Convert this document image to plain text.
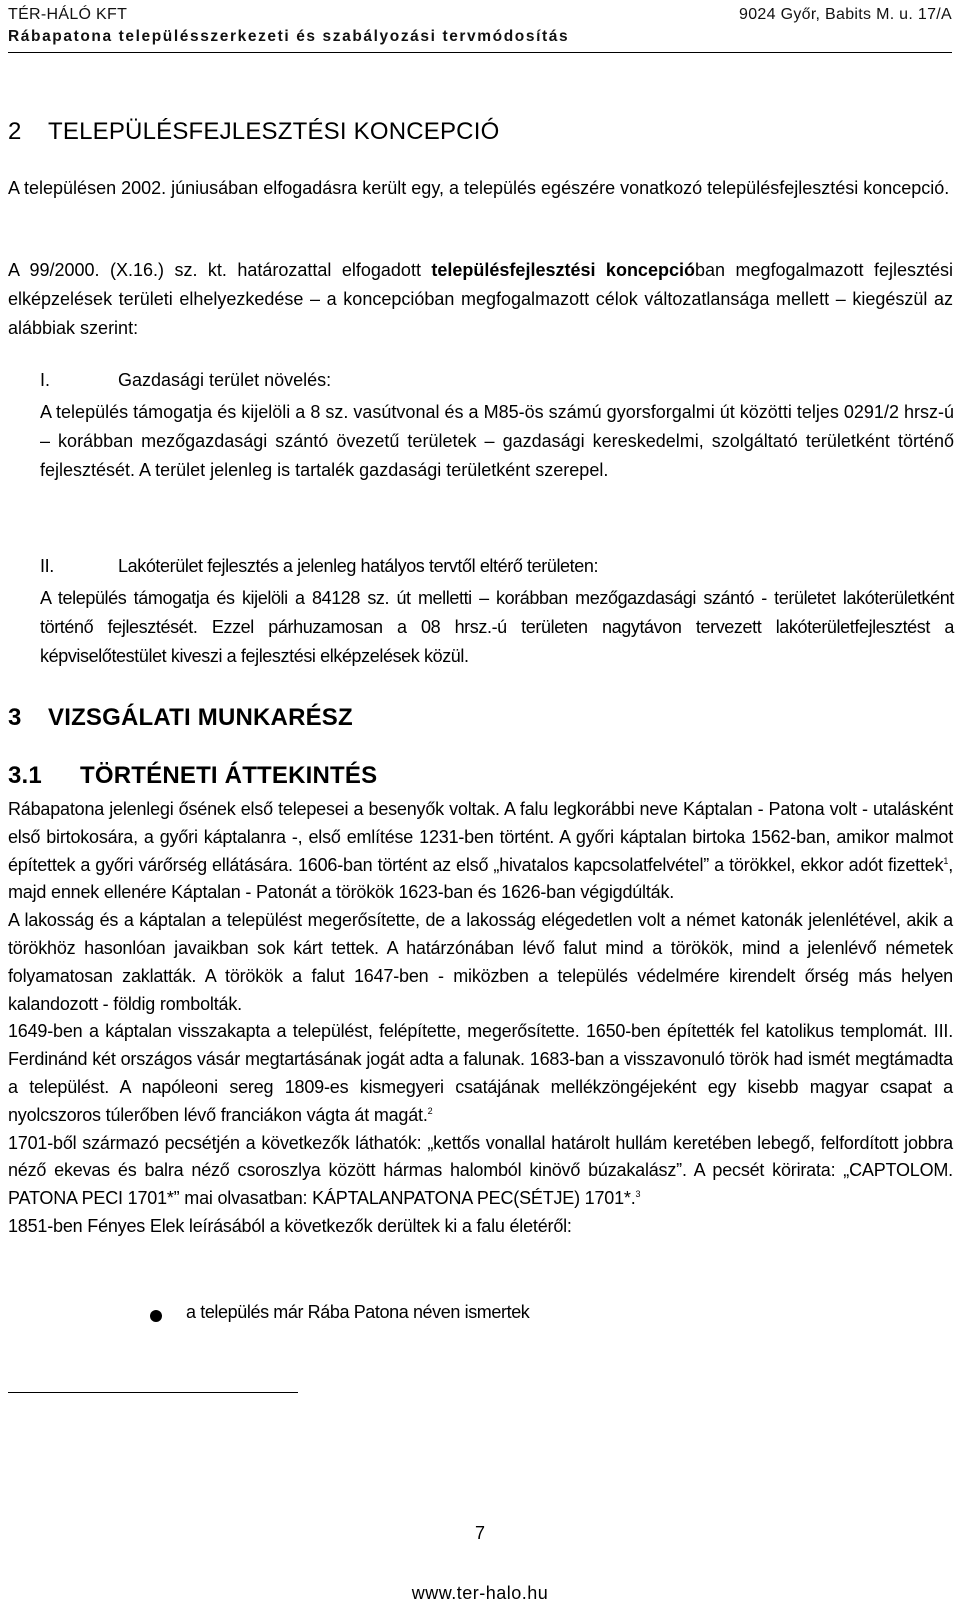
TÉR-HÁLÓ KFT	9024 Győr, Babits M. u. 17/A
Rábapatona településszerkezeti és szabályozási tervmódosítás
2 TELEPÜLÉSFEJLESZTÉSI KONCEPCIÓ
A településen 2002. júniusában elfogadásra került egy, a település egészére vonatkozó településfejlesztési koncepció.
A 99/2000. (X.16.) sz. kt. határozattal elfogadott településfejlesztési koncepcióban megfogalmazott fejlesztési elképzelések területi elhelyezkedése – a koncepcióban megfogalmazott célok változatlansága mellett – kiegészül az alábbiak szerint:
I.	Gazdasági terület növelés:
A település támogatja és kijelöli a 8 sz. vasútvonal és a M85-ös számú gyorsforgalmi út közötti teljes 0291/2 hrsz-ú – korábban mezőgazdasági szántó övezetű területek – gazdasági kereskedelmi, szolgáltató területként történő fejlesztését. A terület jelenleg is tartalék gazdasági területként szerepel.
II.	Lakóterület fejlesztés a jelenleg hatályos tervtől eltérő területen:
A település támogatja és kijelöli a 84128 sz. út melletti – korábban mezőgazdasági szántó - területet lakóterületként történő fejlesztését. Ezzel párhuzamosan a 08 hrsz.-ú területen nagytávon tervezett lakóterületfejlesztést a képviselőtestület kiveszi a fejlesztési elképzelések közül.
3 VIZSGÁLATI MUNKARÉSZ
3.1 TÖRTÉNETI ÁTTEKINTÉS

Rábapatona jelenlegi ősének első telepesei a besenyők voltak. A falu legkorábbi neve Káptalan - Patona volt - utalásként első birtokosára, a győri káptalanra -, első említése 1231-ben történt. A győri káptalan birtoka 1562-ban, amikor malmot építettek a győri várőrség ellátására. 1606-ban történt az első „hivatalos kapcsolatfelvétel” a törökkel, ekkor adót fizettek$^1$, majd ennek ellenére Káptalan - Patonát a törökök 1623-ban és 1626-ban végigdúlták.

A lakosság és a káptalan a települést megerősítette, de a lakosság elégedetlen volt a német katonák jelenlétével, akik a törökhöz hasonlóan javaikban sok kárt tettek. A határzónában lévő falut mind a törökök, mind a jelenlévő németek folyamatosan zaklatták. A törökök a falut 1647-ben - miközben a település védelmére kirendelt őrség más helyen kalandozott - földig rombolták.

1649-ben a káptalan visszakapta a települést, felépítette, megerősítette. 1650-ben építették fel katolikus templomát. III. Ferdinánd két országos vásár megtartásának jogát adta a falunak. 1683-ban a visszavonuló török had ismét megtámadta a települést. A napóleoni sereg 1809-es kismegyeri csatájának mellékzöngéjeként egy kisebb magyar csapat a nyolcszoros túlerőben lévő franciákon vágta át magát.$^2$

1701-ből származó pecsétjén a következők láthatók: „kettős vonallal határolt hullám keretében lebegő, felfordított jobbra néző ekevas és balra néző csoroszlya között hármas halomból kinövő búzakalász”. A pecsét körirata: „CAPTOLOM. PATONA PECI 1701*” mai olvasatban: KÁPTALANPATONA PEC(SÉTJE) 1701*.$^3$

1851-ben Fényes Elek leírásából a következők derültek ki a falu életéről:

a település már Rába Patona néven ismertek
7
www.ter-halo.hu
